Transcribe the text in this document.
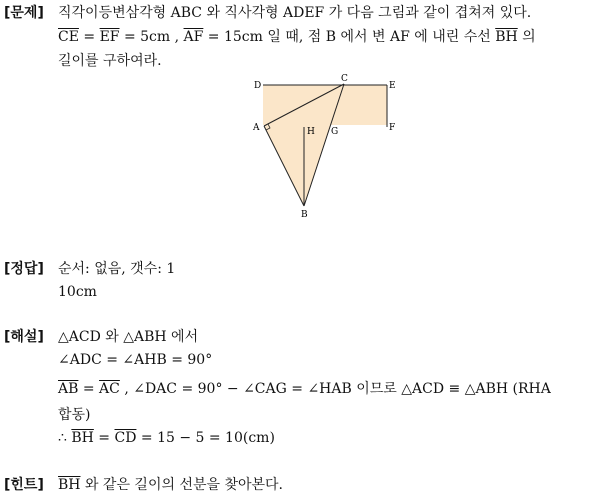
[문제] 직각이등변삼각형 ABC 와 직사각형 ADEF 가 다음 그림과 같이 겹쳐져 있다.
$\overline{CE} = \overline{EF} = 5cm$ , $\overline{AF} = 15cm$ 일 때, 점 B 에서 변 AF 에 내린 수선 $\overline{BH}$ 의
길이를 구하여라.
D
C
E
A	H G	F
B
[정답] 순서: 없음, 갯수: 1
10cm
[해설] △ACD 와 △ABH 에서
∠ADC = ∠AHB = 90°
$\overline{AB} = \overline{AC}$ , ∠DAC = 90° − ∠CAG = ∠HAB 이므로 △ACD ≡ △ABH (RHA
합동)
∴ $\overline{BH} = \overline{CD} = 15 - 5 = 10(cm)$
[힌트] $\overline{BH}$ 와 같은 길이의 선분을 찾아본다.
